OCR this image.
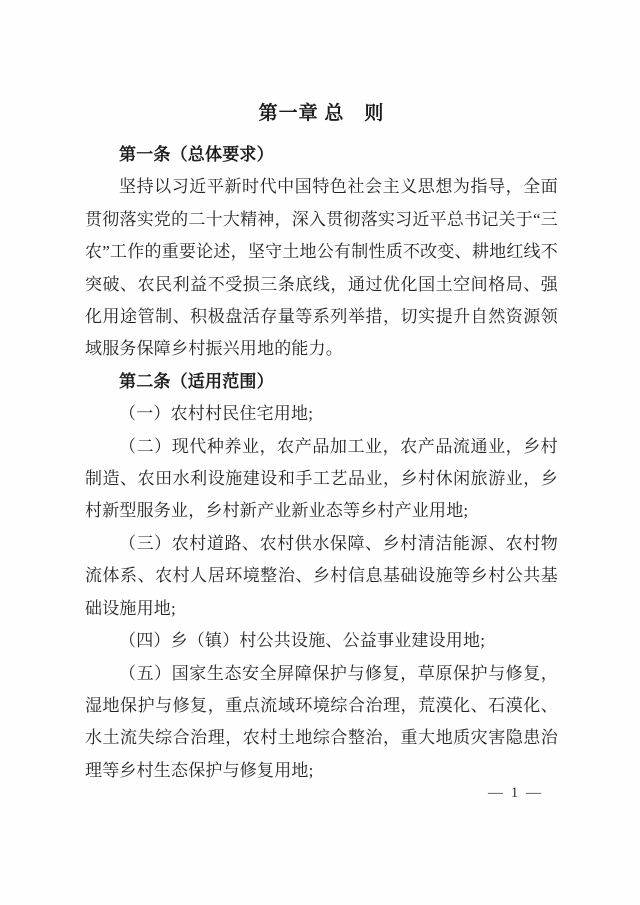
第一章 总　则

第一条（总体要求）

坚持以习近平新时代中国特色社会主义思想为指导，全面贯彻落实党的二十大精神，深入贯彻落实习近平总书记关于“三农”工作的重要论述，坚守土地公有制性质不改变、耕地红线不突破、农民利益不受损三条底线，通过优化国土空间格局、强化用途管制、积极盘活存量等系列举措，切实提升自然资源领域服务保障乡村振兴用地的能力。

第二条（适用范围）

（一）农村村民住宅用地;

（二）现代种养业，农产品加工业，农产品流通业，乡村制造、农田水利设施建设和手工艺品业，乡村休闲旅游业，乡村新型服务业，乡村新产业新业态等乡村产业用地;

（三）农村道路、农村供水保障、乡村清洁能源、农村物流体系、农村人居环境整治、乡村信息基础设施等乡村公共基础设施用地;

（四）乡（镇）村公共设施、公益事业建设用地;

（五）国家生态安全屏障保护与修复，草原保护与修复，湿地保护与修复，重点流域环境综合治理，荒漠化、石漠化、水土流失综合治理，农村土地综合整治，重大地质灾害隐患治理等乡村生态保护与修复用地;

— 1 —
